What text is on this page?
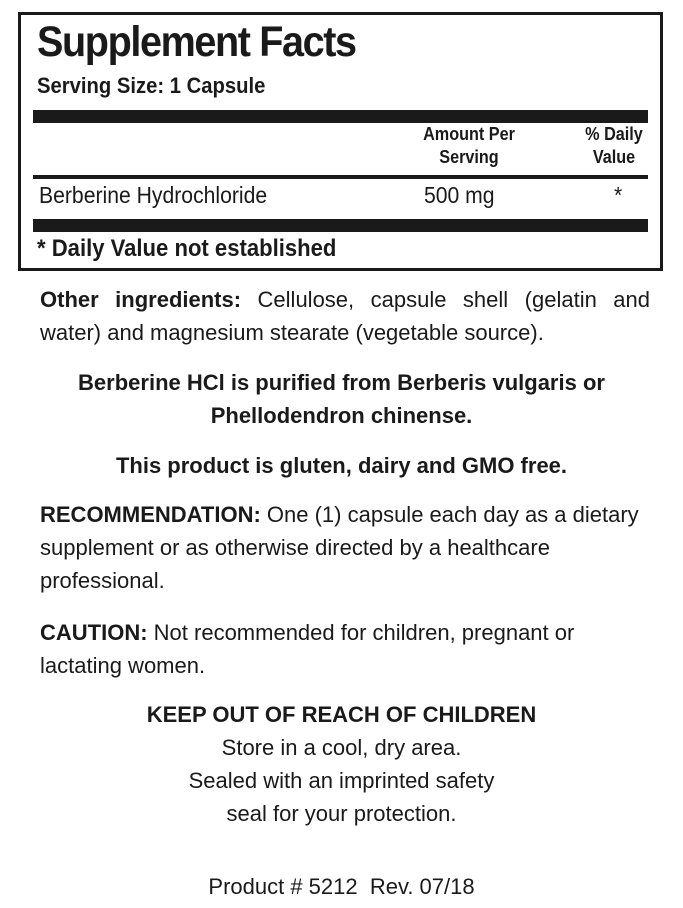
Supplement Facts
Serving Size: 1 Capsule
Amount Per
Serving
% Daily
Value
Berberine Hydrochloride	500 mg	*
* Daily Value not established
Other ingredients: Cellulose, capsule shell (gelatin and water) and magnesium stearate (vegetable source).
Berberine HCl is purified from Berberis vulgaris or
Phellodendron chinense.
This product is gluten, dairy and GMO free.
RECOMMENDATION: One (1) capsule each day as a dietary supplement or as otherwise directed by a healthcare professional.
CAUTION: Not recommended for children, pregnant or lactating women.
KEEP OUT OF REACH OF CHILDREN
Store in a cool, dry area.
Sealed with an imprinted safety
seal for your protection.
Product # 5212  Rev. 07/18
